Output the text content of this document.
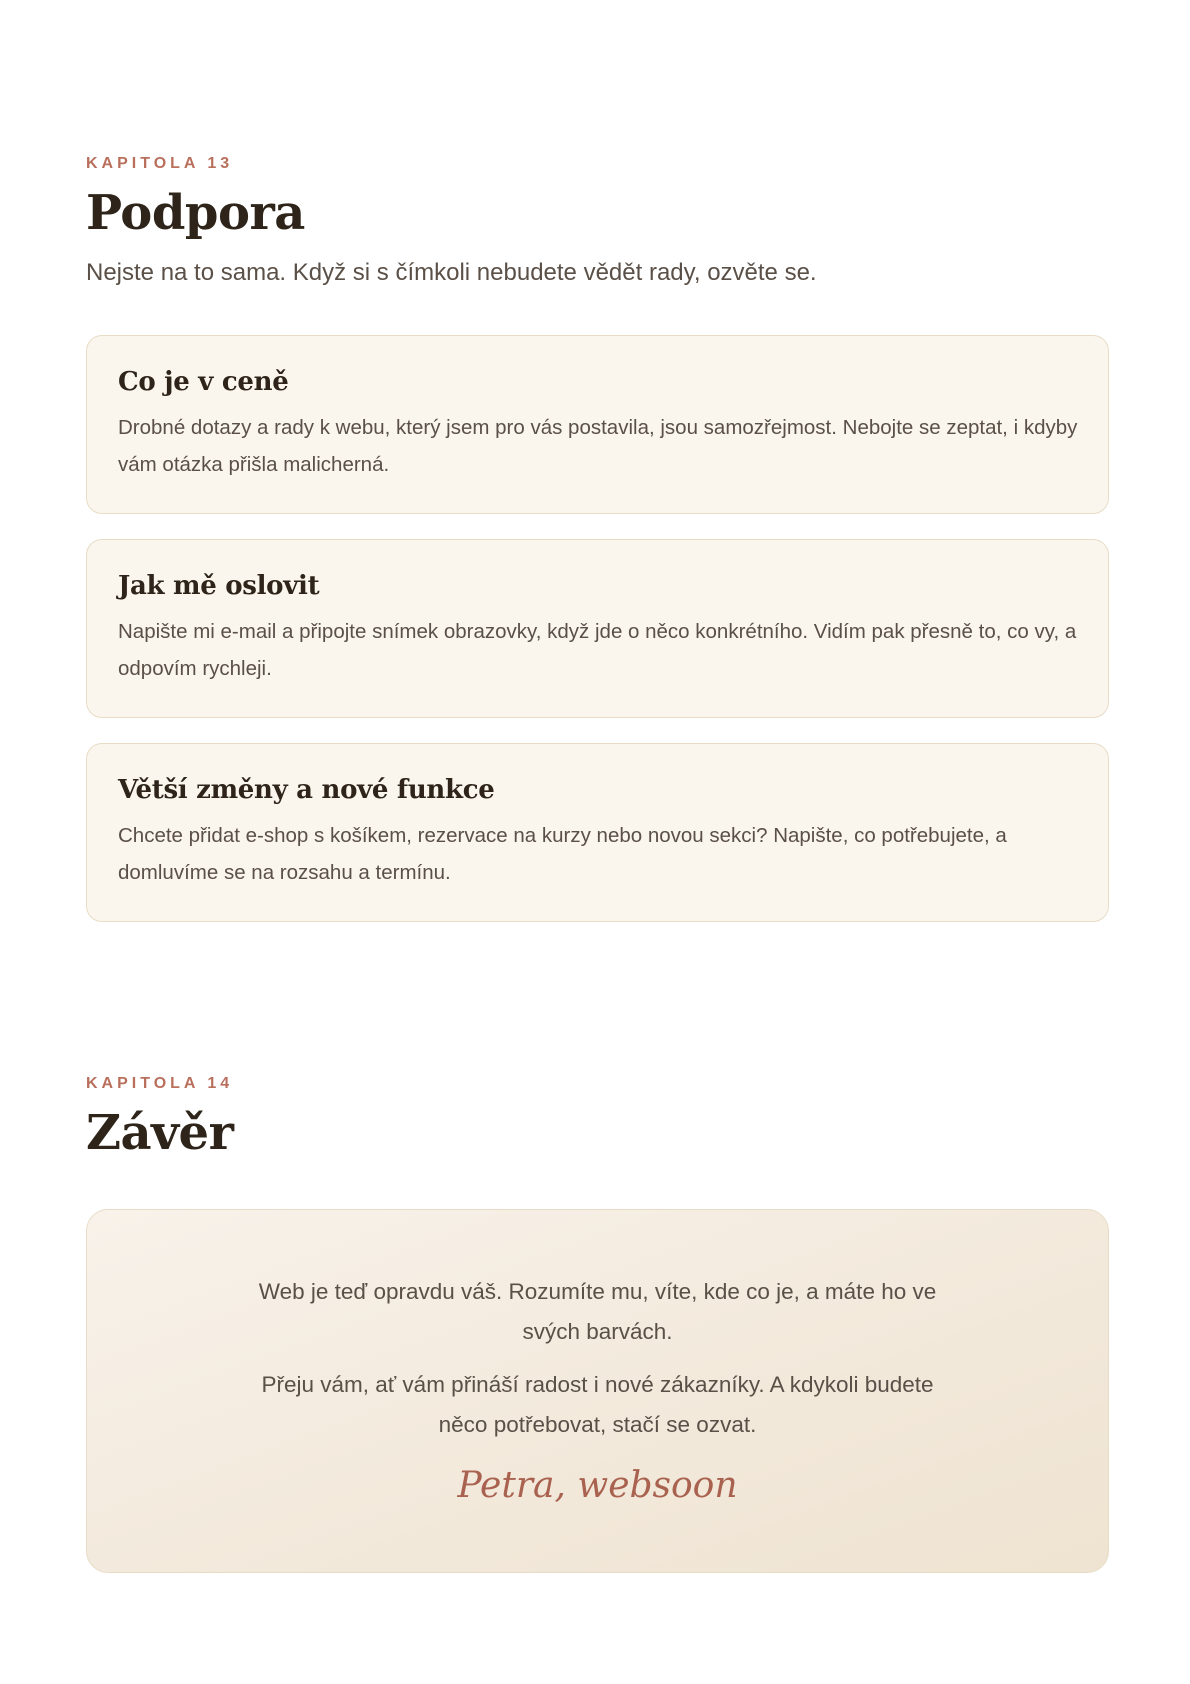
KAPITOLA 13

Podpora

Nejste na to sama. Když si s čímkoli nebudete vědět rady, ozvěte se.

Co je v ceně

Drobné dotazy a rady k webu, který jsem pro vás postavila, jsou samozřejmost. Nebojte se zeptat, i kdyby vám otázka přišla malicherná.

Jak mě oslovit

Napište mi e-mail a připojte snímek obrazovky, když jde o něco konkrétního. Vidím pak přesně to, co vy, a odpovím rychleji.

Větší změny a nové funkce

Chcete přidat e-shop s košíkem, rezervace na kurzy nebo novou sekci? Napište, co potřebujete, a domluvíme se na rozsahu a termínu.

KAPITOLA 14

Závěr

Web je teď opravdu váš. Rozumíte mu, víte, kde co je, a máte ho ve svých barvách.

Přeju vám, ať vám přináší radost i nové zákazníky. A kdykoli budete něco potřebovat, stačí se ozvat.

Petra, websoon
